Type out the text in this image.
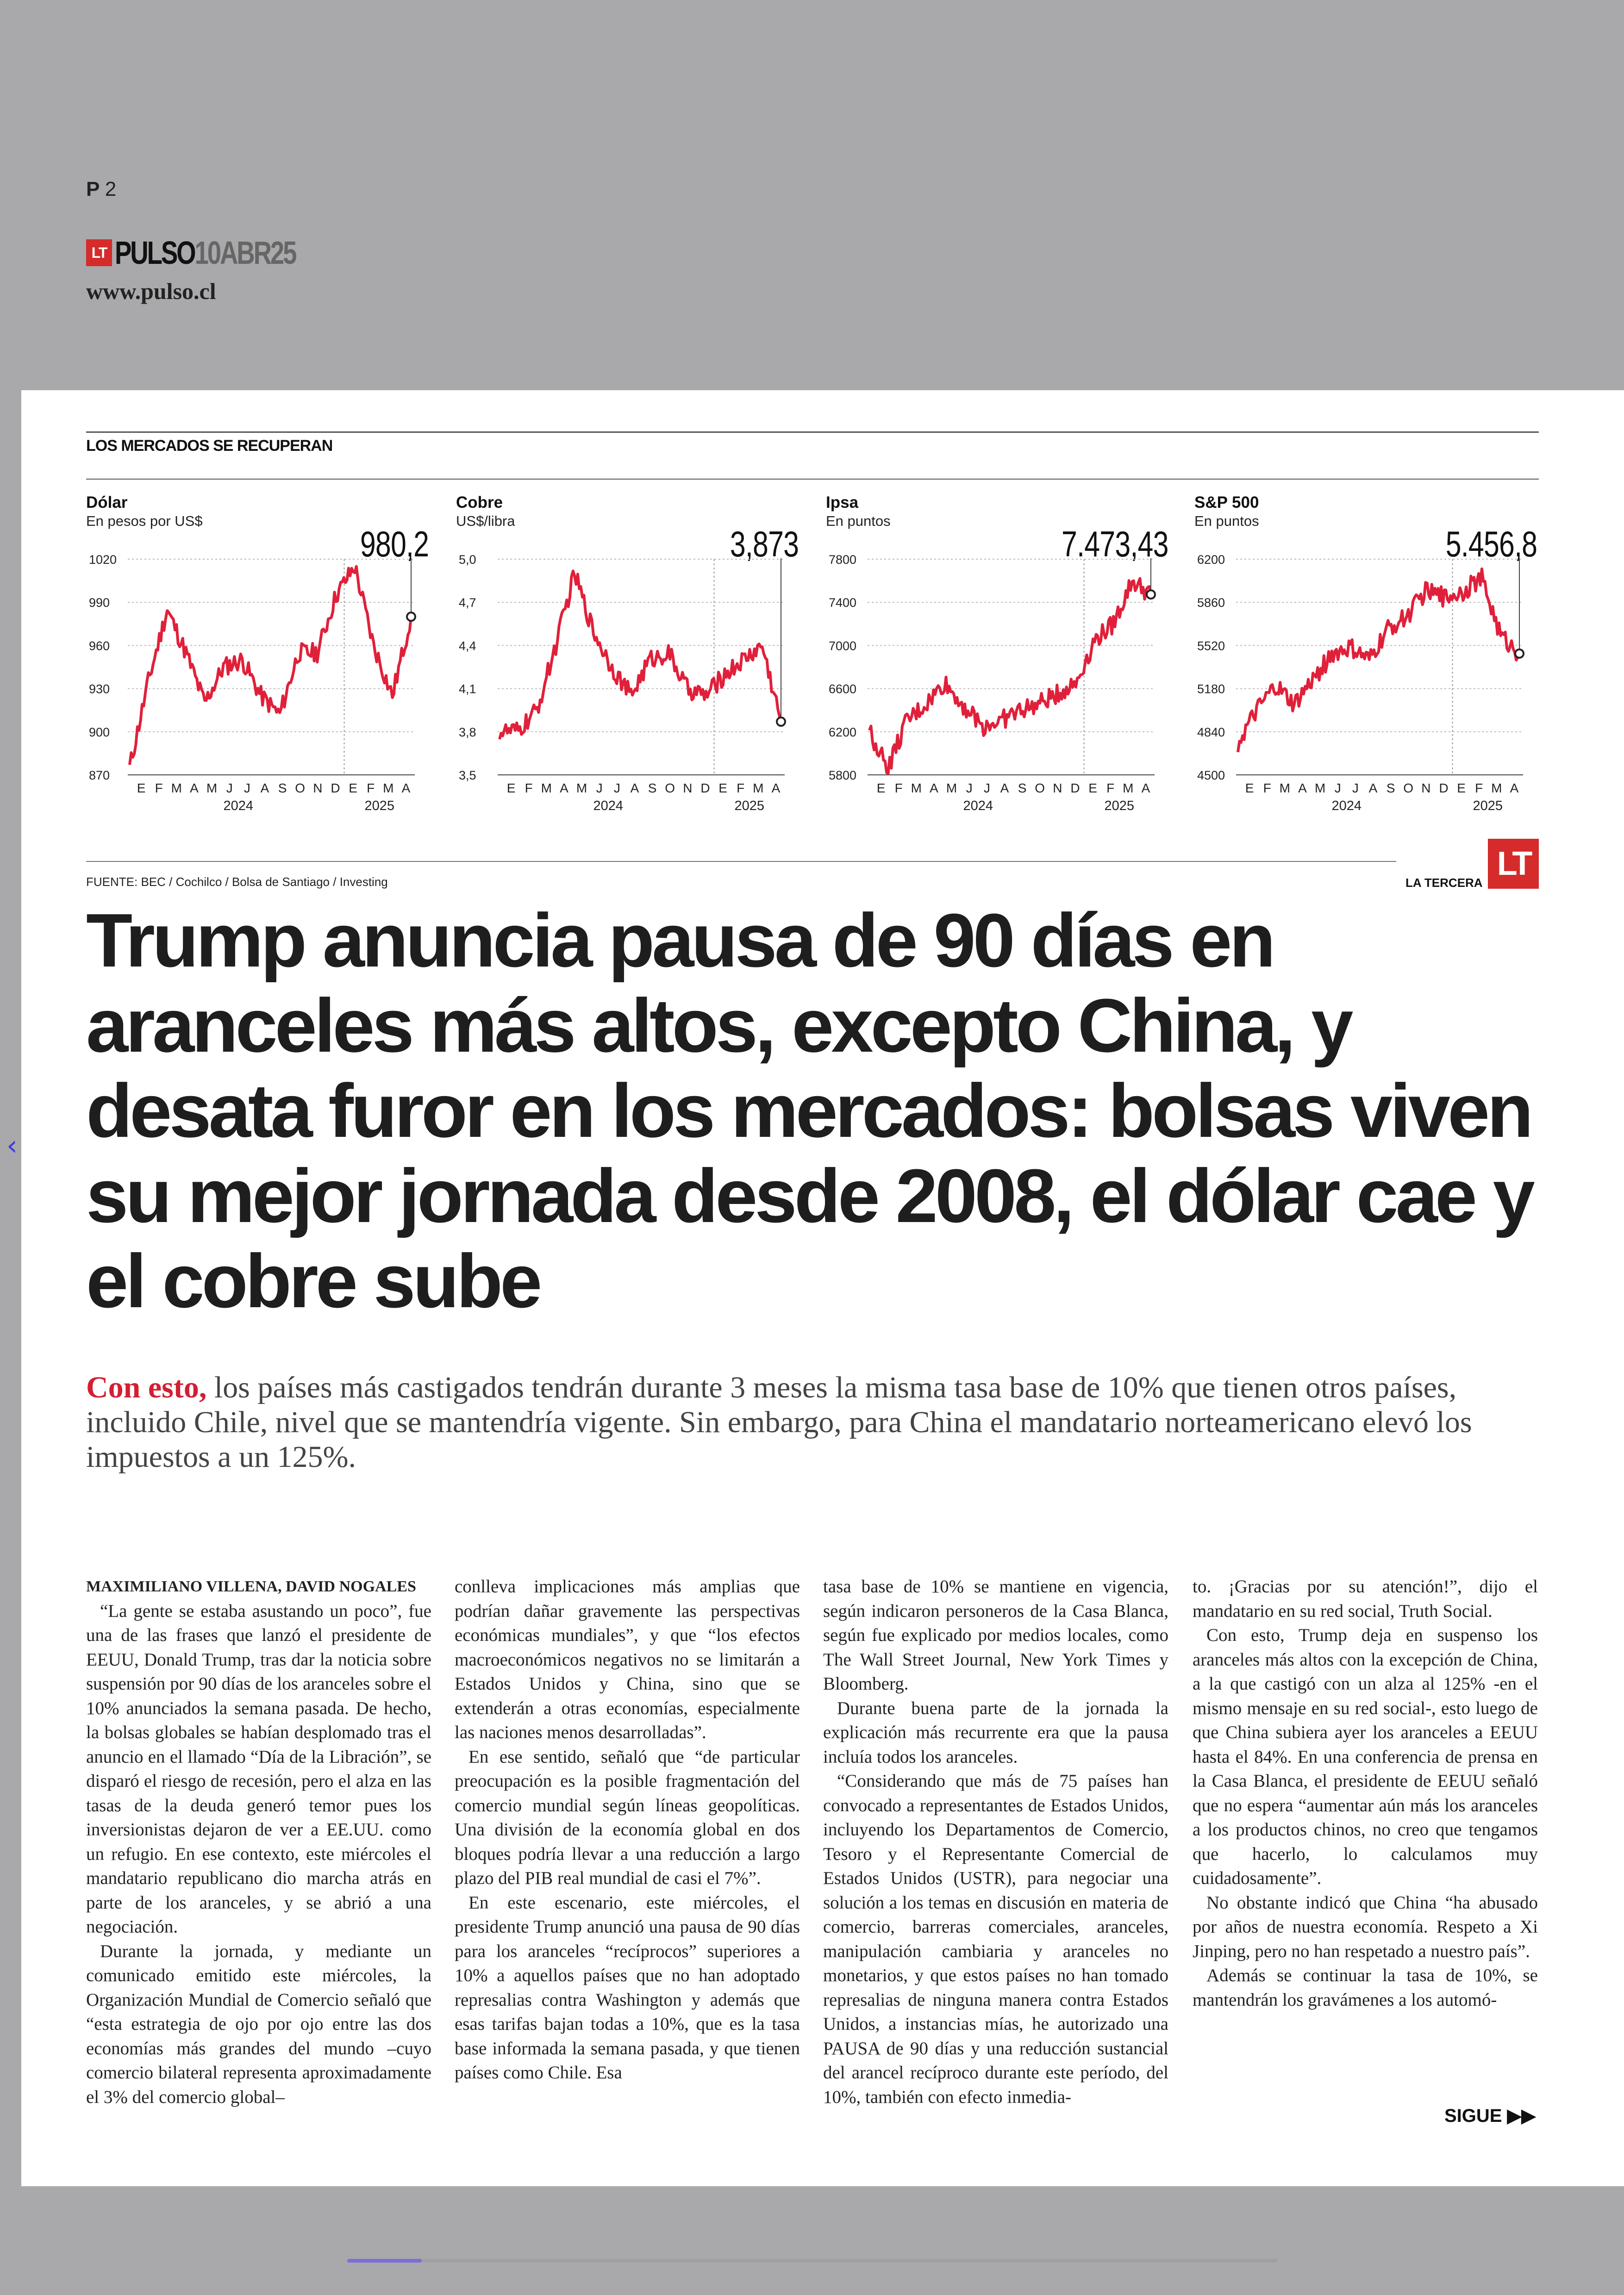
P 2
LT PULSO10ABR25
www.pulso.cl
‹
LOS MERCADOS SE RECUPERAN
Dólar
En pesos por US$
980,2
1020
990
960
930
900
870
E F M A M J J A S O N D E F M A
2024	2025
Cobre
US$/libra
3,873
5,0
4,7
4,4
4,1
3,8
3,5
E F M A M J J A S O N D E F M A
2024	2025
Ipsa
En puntos
7.473,43
7800
7400
7000
6600
6200
5800
E F M A M J J A S O N D E F M A
2024	2025
S&P 500
En puntos
5.456,8
6200
5860
5520
5180
4840
4500
E F M A M J J A S O N D E F M A
2024	2025
FUENTE: BEC / Cochilco / Bolsa de Santiago / Investing	LA TERCERA
LT
Trump anuncia pausa de 90 días en aranceles más altos, excepto China, y desata furor en los mercados: bolsas viven su mejor jornada desde 2008, el dólar cae y el cobre sube
Con esto, los países más castigados tendrán durante 3 meses la misma tasa base de 10% que tienen otros países, incluido Chile, nivel que se mantendría vigente. Sin embargo, para China el mandatario norteamericano elevó los impuestos a un 125%.

MAXIMILIANO VILLENA, DAVID NOGALES

“La gente se estaba asustando un poco”, fue una de las frases que lanzó el presidente de EEUU, Donald Trump, tras dar la noticia sobre suspensión por 90 días de los aranceles sobre el 10% anunciados la semana pasada. De hecho, la bolsas globales se habían desplomado tras el anuncio en el llamado “Día de la Libración”, se disparó el riesgo de recesión, pero el alza en las tasas de la deuda generó temor pues los inversionistas dejaron de ver a EE.UU. como un refugio. En ese contexto, este miércoles el mandatario republicano dio marcha atrás en parte de los aranceles, y se abrió a una negociación.

Durante la jornada, y mediante un comunicado emitido este miércoles, la Organización Mundial de Comercio señaló que “esta estrategia de ojo por ojo entre las dos economías más grandes del mundo –cuyo comercio bilateral representa aproximadamente el 3% del comercio global–

conlleva implicaciones más amplias que podrían dañar gravemente las perspectivas económicas mundiales”, y que “los efectos macroeconómicos negativos no se limitarán a Estados Unidos y China, sino que se extenderán a otras economías, especialmente las naciones menos desarrolladas”.

En ese sentido, señaló que “de particular preocupación es la posible fragmentación del comercio mundial según líneas geopolíticas. Una división de la economía global en dos bloques podría llevar a una reducción a largo plazo del PIB real mundial de casi el 7%”.

En este escenario, este miércoles, el presidente Trump anunció una pausa de 90 días para los aranceles “recíprocos” superiores a 10% a aquellos países que no han adoptado represalias contra Washington y además que esas tarifas bajan todas a 10%, que es la tasa base informada la semana pasada, y que tienen países como Chile. Esa

tasa base de 10% se mantiene en vigencia, según indicaron personeros de la Casa Blanca, según fue explicado por medios locales, como The Wall Street Journal, New York Times y Bloomberg.

Durante buena parte de la jornada la explicación más recurrente era que la pausa incluía todos los aranceles.

“Considerando que más de 75 países han convocado a representantes de Estados Unidos, incluyendo los Departamentos de Comercio, Tesoro y el Representante Comercial de Estados Unidos (USTR), para negociar una solución a los temas en discusión en materia de comercio, barreras comerciales, aranceles, manipulación cambiaria y aranceles no monetarios, y que estos países no han tomado represalias de ninguna manera contra Estados Unidos, a instancias mías, he autorizado una PAUSA de 90 días y una reducción sustancial del arancel recíproco durante este período, del 10%, también con efecto inmedia-

to. ¡Gracias por su atención!”, dijo el mandatario en su red social, Truth Social.

Con esto, Trump deja en suspenso los aranceles más altos con la excepción de China, a la que castigó con un alza al 125% -en el mismo mensaje en su red social-, esto luego de que China subiera ayer los aranceles a EEUU hasta el 84%. En una conferencia de prensa en la Casa Blanca, el presidente de EEUU señaló que no espera “aumentar aún más los aranceles a los productos chinos, no creo que tengamos que hacerlo, lo calculamos muy cuidadosamente”.

No obstante indicó que China “ha abusado por años de nuestra economía. Respeto a Xi Jinping, pero no han respetado a nuestro país”.

Además se continuar la tasa de 10%, se mantendrán los gravámenes a los automó-

SIGUE ▶▶
